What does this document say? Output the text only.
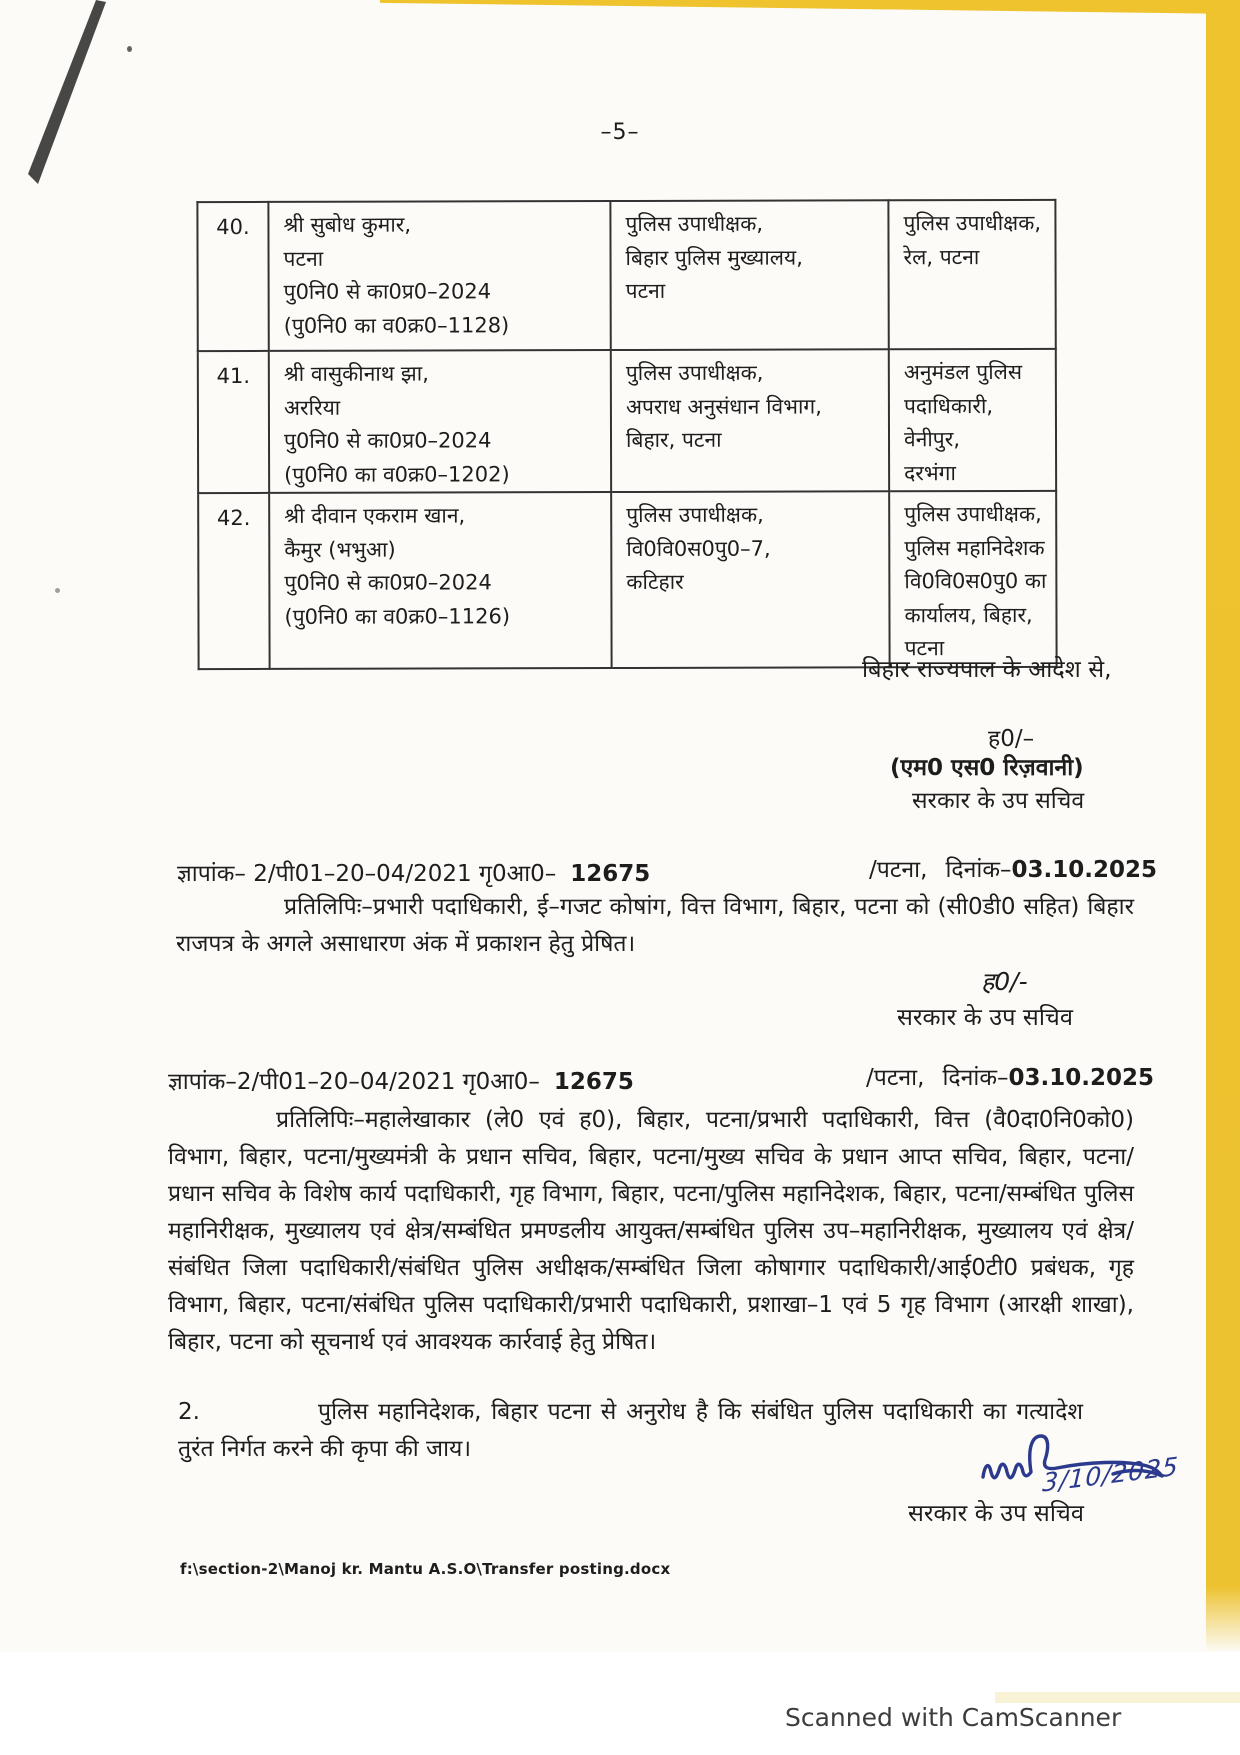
–5–
40.	श्री सुबोध कुमार,
पटना
पु0नि0 से का0प्र0–2024
(पु0नि0 का व0क्र0–1128)	पुलिस उपाधीक्षक,
बिहार पुलिस मुख्यालय,
पटना	पुलिस उपाधीक्षक,
रेल, पटना
41.	श्री वासुकीनाथ झा,
अररिया
पु0नि0 से का0प्र0–2024
(पु0नि0 का व0क्र0–1202)	पुलिस उपाधीक्षक,
अपराध अनुसंधान विभाग,
बिहार, पटना	अनुमंडल पुलिस
पदाधिकारी, वेनीपुर,
दरभंगा
42.	श्री दीवान एकराम खान,
कैमुर (भभुआ)
पु0नि0 से का0प्र0–2024
(पु0नि0 का व0क्र0–1126)	पुलिस उपाधीक्षक,
वि0वि0स0पु0–7,
कटिहार	पुलिस उपाधीक्षक,
पुलिस महानिदेशक
वि0वि0स0पु0 का
कार्यालय, बिहार, पटना
बिहार राज्यपाल के आदेश से,
ह0/–
(एम0 एस0 रिज़वानी)
सरकार के उप सचिव
ज्ञापांक– 2/पी01–20–04/2021 गृ0आ0– 12675	/पटना, दिनांक–03.10.2025
प्रतिलिपिः–प्रभारी पदाधिकारी, ई–गजट कोषांग, वित्त विभाग, बिहार, पटना को (सी0डी0 सहित) बिहार राजपत्र के अगले असाधारण अंक में प्रकाशन हेतु प्रेषित।
ह0/-
सरकार के उप सचिव
ज्ञापांक–2/पी01–20–04/2021 गृ0आ0– 12675	/पटना, दिनांक–03.10.2025
प्रतिलिपिः–महालेखाकार (ले0 एवं ह0), बिहार, पटना/प्रभारी पदाधिकारी, वित्त (वै0दा0नि0को0) विभाग, बिहार, पटना/मुख्यमंत्री के प्रधान सचिव, बिहार, पटना/मुख्य सचिव के प्रधान आप्त सचिव, बिहार, पटना/प्रधान सचिव के विशेष कार्य पदाधिकारी, गृह विभाग, बिहार, पटना/पुलिस महानिदेशक, बिहार, पटना/सम्बंधित पुलिस महानिरीक्षक, मुख्यालय एवं क्षेत्र/सम्बंधित प्रमण्डलीय आयुक्त/सम्बंधित पुलिस उप–महानिरीक्षक, मुख्यालय एवं क्षेत्र/संबंधित जिला पदाधिकारी/संबंधित पुलिस अधीक्षक/सम्बंधित जिला कोषागार पदाधिकारी/आई0टी0 प्रबंधक, गृह विभाग, बिहार, पटना/संबंधित पुलिस पदाधिकारी/प्रभारी पदाधिकारी, प्रशाखा–1 एवं 5 गृह विभाग (आरक्षी शाखा), बिहार, पटना को सूचनार्थ एवं आवश्यक कार्रवाई हेतु प्रेषित।
2.	पुलिस महानिदेशक, बिहार पटना से अनुरोध है कि संबंधित पुलिस पदाधिकारी का गत्यादेश तुरंत निर्गत करने की कृपा की जाय।
3/10/2025
सरकार के उप सचिव
f:\section-2\Manoj kr. Mantu A.S.O\Transfer posting.docx
Scanned with CamScanner
